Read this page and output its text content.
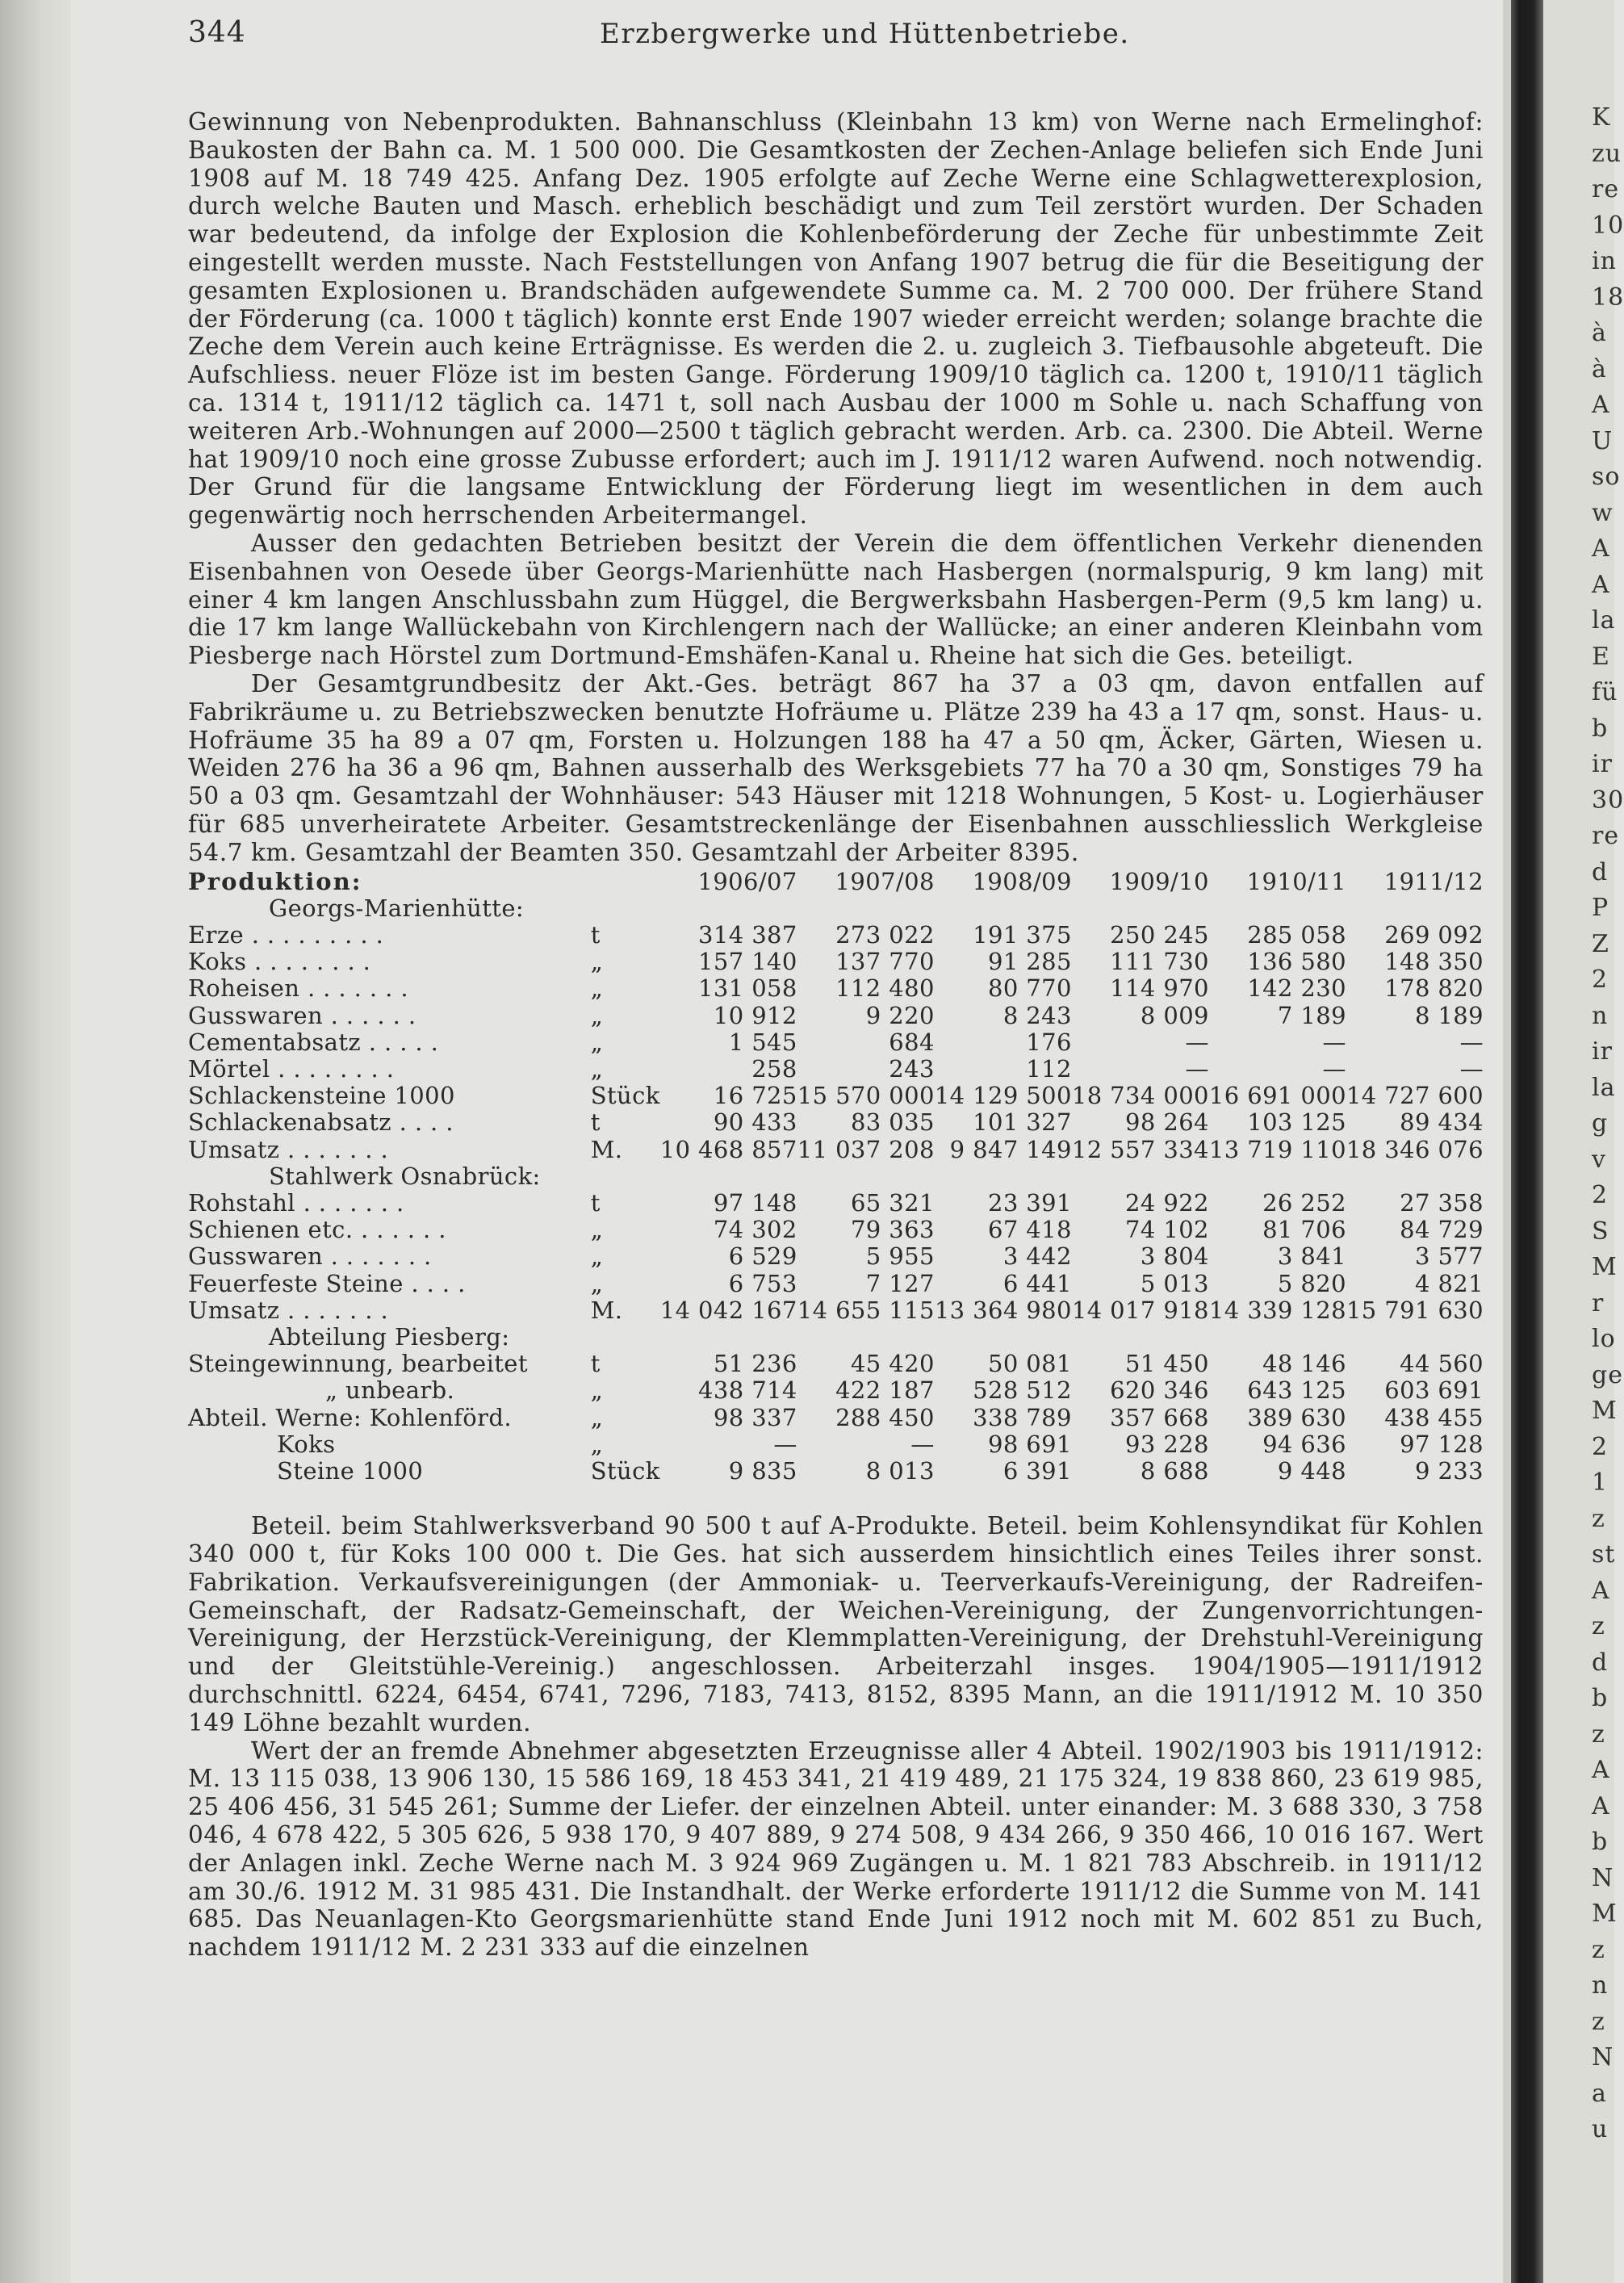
K
zu
re
10
in
18
à
à
A
U
so
w
A
A
la
E
fü
b
ir
30
re
d
P
Z
2
n
ir
la
g
v
2
S
M
r
lo
ge
M
2
1
z
st
A
z
d
b
z
A
A
b
N
M
z
n
z
N
a
u
344	Erzbergwerke und Hüttenbetriebe.

Gewinnung von Nebenprodukten. Bahnanschluss (Kleinbahn 13 km) von Werne nach Ermelinghof: Baukosten der Bahn ca. M. 1 500 000. Die Gesamtkosten der Zechen-Anlage beliefen sich Ende Juni 1908 auf M. 18 749 425. Anfang Dez. 1905 erfolgte auf Zeche Werne eine Schlagwetterexplosion, durch welche Bauten und Masch. erheblich beschädigt und zum Teil zerstört wurden. Der Schaden war bedeutend, da infolge der Explosion die Kohlenbeförderung der Zeche für unbestimmte Zeit eingestellt werden musste. Nach Feststellungen von Anfang 1907 betrug die für die Beseitigung der gesamten Explosionen u. Brandschäden aufgewendete Summe ca. M. 2 700 000. Der frühere Stand der Förderung (ca. 1000 t täglich) konnte erst Ende 1907 wieder erreicht werden; solange brachte die Zeche dem Verein auch keine Erträgnisse. Es werden die 2. u. zugleich 3. Tiefbausohle abgeteuft. Die Aufschliess. neuer Flöze ist im besten Gange. Förderung 1909/10 täglich ca. 1200 t, 1910/11 täglich ca. 1314 t, 1911/12 täglich ca. 1471 t, soll nach Ausbau der 1000 m Sohle u. nach Schaffung von weiteren Arb.-Wohnungen auf 2000—2500 t täglich gebracht werden. Arb. ca. 2300. Die Abteil. Werne hat 1909/10 noch eine grosse Zubusse erfordert; auch im J. 1911/12 waren Aufwend. noch notwendig. Der Grund für die langsame Entwicklung der Förderung liegt im wesentlichen in dem auch gegenwärtig noch herrschenden Arbeitermangel.

Ausser den gedachten Betrieben besitzt der Verein die dem öffentlichen Verkehr dienenden Eisenbahnen von Oesede über Georgs-Marienhütte nach Hasbergen (normalspurig, 9 km lang) mit einer 4 km langen Anschlussbahn zum Hüggel, die Bergwerksbahn Hasbergen-Perm (9,5 km lang) u. die 17 km lange Wallückebahn von Kirchlengern nach der Wallücke; an einer anderen Kleinbahn vom Piesberge nach Hörstel zum Dortmund-Emshäfen-Kanal u. Rheine hat sich die Ges. beteiligt.

Der Gesamtgrundbesitz der Akt.-Ges. beträgt 867 ha 37 a 03 qm, davon entfallen auf Fabrikräume u. zu Betriebszwecken benutzte Hofräume u. Plätze 239 ha 43 a 17 qm, sonst. Haus- u. Hofräume 35 ha 89 a 07 qm, Forsten u. Holzungen 188 ha 47 a 50 qm, Äcker, Gärten, Wiesen u. Weiden 276 ha 36 a 96 qm, Bahnen ausserhalb des Werksgebiets 77 ha 70 a 30 qm, Sonstiges 79 ha 50 a 03 qm. Gesamtzahl der Wohnhäuser: 543 Häuser mit 1218 Wohnungen, 5 Kost- u. Logierhäuser für 685 unverheiratete Arbeiter. Gesamtstreckenlänge der Eisenbahnen ausschliesslich Werkgleise 54.7 km. Gesamtzahl der Beamten 350. Gesamtzahl der Arbeiter 8395.

Produktion:		1906/07	1907/08	1908/09	1909/10	1910/11	1911/12
Georgs-Marienhütte:							
Erze . . . . . . . . .	t	314 387	273 022	191 375	250 245	285 058	269 092
Koks . . . . . . . .	„	157 140	137 770	91 285	111 730	136 580	148 350
Roheisen . . . . . . .	„	131 058	112 480	80 770	114 970	142 230	178 820
Gusswaren . . . . . .	„	10 912	9 220	8 243	8 009	7 189	8 189
Cementabsatz . . . . .	„	1 545	684	176	—	—	—
Mörtel . . . . . . . .	„	258	243	112	—	—	—
Schlackensteine 1000	Stück	16 725	15 570 000	14 129 500	18 734 000	16 691 000	14 727 600
Schlackenabsatz . . . .	t	90 433	83 035	101 327	98 264	103 125	89 434
Umsatz . . . . . . .	M.	10 468 857	11 037 208	9 847 149	12 557 334	13 719 110	18 346 076
Stahlwerk Osnabrück:							
Rohstahl . . . . . . .	t	97 148	65 321	23 391	24 922	26 252	27 358
Schienen etc. . . . . . .	„	74 302	79 363	67 418	74 102	81 706	84 729
Gusswaren . . . . . . .	„	6 529	5 955	3 442	3 804	3 841	3 577
Feuerfeste Steine . . . .	„	6 753	7 127	6 441	5 013	5 820	4 821
Umsatz . . . . . . .	M.	14 042 167	14 655 115	13 364 980	14 017 918	14 339 128	15 791 630
Abteilung Piesberg:							
Steingewinnung, bearbeitet	t	51 236	45 420	50 081	51 450	48 146	44 560
„ unbearb.	„	438 714	422 187	528 512	620 346	643 125	603 691
Abteil. Werne: Kohlenförd.	„	98 337	288 450	338 789	357 668	389 630	438 455
Koks	„	—	—	98 691	93 228	94 636	97 128
Steine 1000	Stück	9 835	8 013	6 391	8 688	9 448	9 233

Beteil. beim Stahlwerksverband 90 500 t auf A-Produkte. Beteil. beim Kohlensyndikat für Kohlen 340 000 t, für Koks 100 000 t. Die Ges. hat sich ausserdem hinsichtlich eines Teiles ihrer sonst. Fabrikation. Verkaufsvereinigungen (der Ammoniak- u. Teerverkaufs-Vereinigung, der Radreifen-Gemeinschaft, der Radsatz-Gemeinschaft, der Weichen-Vereinigung, der Zungenvorrichtungen-Vereinigung, der Herzstück-Vereinigung, der Klemmplatten-Vereinigung, der Drehstuhl-Vereinigung und der Gleitstühle-Vereinig.) angeschlossen. Arbeiterzahl insges. 1904/1905—1911/1912 durchschnittl. 6224, 6454, 6741, 7296, 7183, 7413, 8152, 8395 Mann, an die 1911/1912 M. 10 350 149 Löhne bezahlt wurden.

Wert der an fremde Abnehmer abgesetzten Erzeugnisse aller 4 Abteil. 1902/1903 bis 1911/1912: M. 13 115 038, 13 906 130, 15 586 169, 18 453 341, 21 419 489, 21 175 324, 19 838 860, 23 619 985, 25 406 456, 31 545 261; Summe der Liefer. der einzelnen Abteil. unter einander: M. 3 688 330, 3 758 046, 4 678 422, 5 305 626, 5 938 170, 9 407 889, 9 274 508, 9 434 266, 9 350 466, 10 016 167. Wert der Anlagen inkl. Zeche Werne nach M. 3 924 969 Zugängen u. M. 1 821 783 Abschreib. in 1911/12 am 30./6. 1912 M. 31 985 431. Die Instandhalt. der Werke erforderte 1911/12 die Summe von M. 141 685. Das Neuanlagen-Kto Georgsmarienhütte stand Ende Juni 1912 noch mit M. 602 851 zu Buch, nachdem 1911/12 M. 2 231 333 auf die einzelnen
